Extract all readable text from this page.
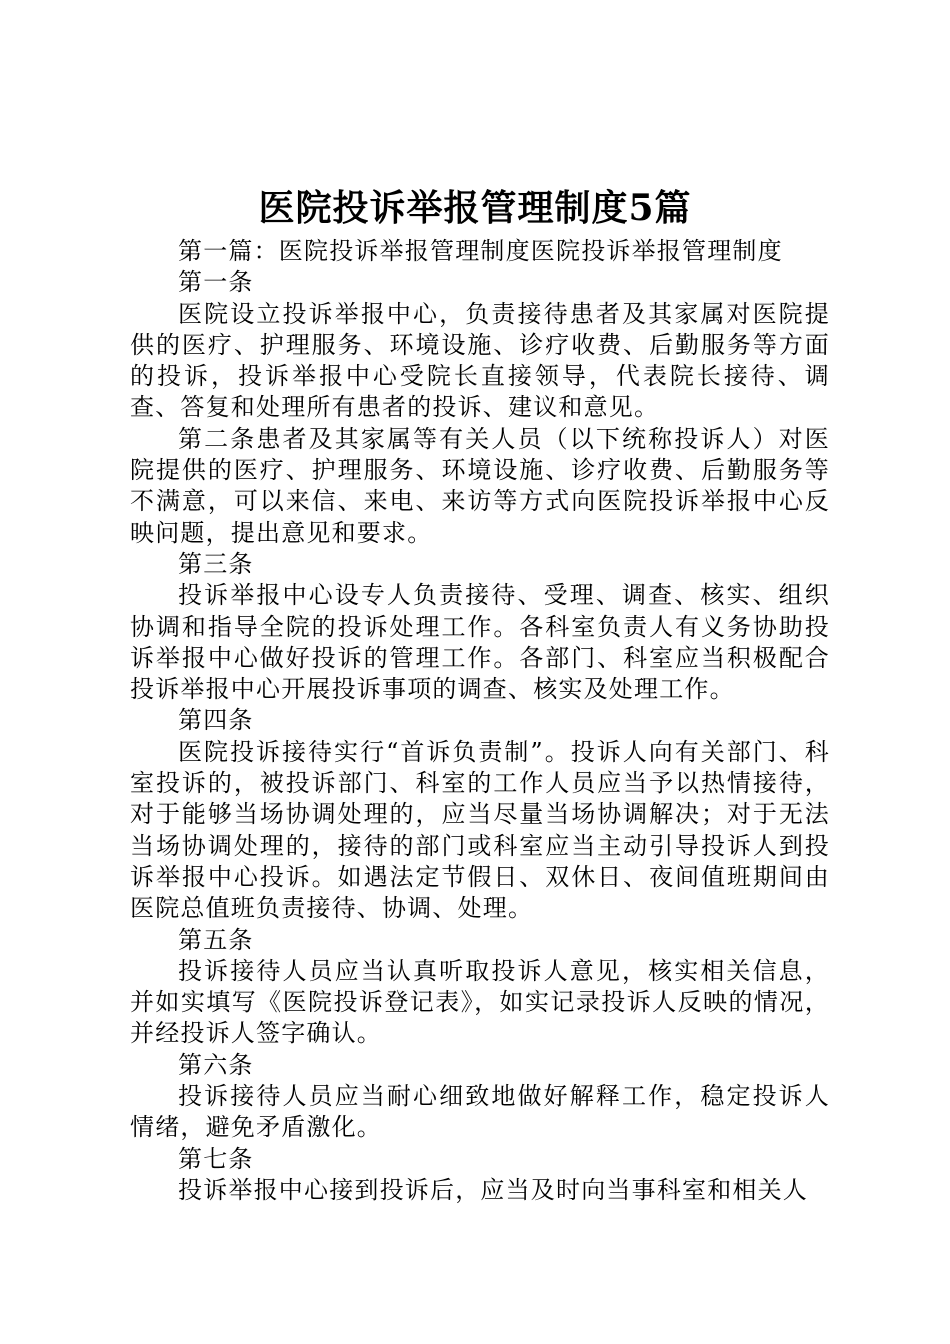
医院投诉举报管理制度5篇

第一篇：医院投诉举报管理制度医院投诉举报管理制度

第一条

医院设立投诉举报中心，负责接待患者及其家属对医院提供的医疗、护理服务、环境设施、诊疗收费、后勤服务等方面的投诉，投诉举报中心受院长直接领导，代表院长接待、调查、答复和处理所有患者的投诉、建议和意见。

第二条患者及其家属等有关人员（以下统称投诉人）对医院提供的医疗、护理服务、环境设施、诊疗收费、后勤服务等不满意，可以来信、来电、来访等方式向医院投诉举报中心反映问题，提出意见和要求。

第三条

投诉举报中心设专人负责接待、受理、调查、核实、组织协调和指导全院的投诉处理工作。各科室负责人有义务协助投诉举报中心做好投诉的管理工作。各部门、科室应当积极配合投诉举报中心开展投诉事项的调查、核实及处理工作。

第四条

医院投诉接待实行“首诉负责制”。投诉人向有关部门、科室投诉的，被投诉部门、科室的工作人员应当予以热情接待，对于能够当场协调处理的，应当尽量当场协调解决；对于无法当场协调处理的，接待的部门或科室应当主动引导投诉人到投诉举报中心投诉。如遇法定节假日、双休日、夜间值班期间由医院总值班负责接待、协调、处理。

第五条

投诉接待人员应当认真听取投诉人意见，核实相关信息，并如实填写《医院投诉登记表》，如实记录投诉人反映的情况，并经投诉人签字确认。

第六条

投诉接待人员应当耐心细致地做好解释工作，稳定投诉人情绪，避免矛盾激化。

第七条

投诉举报中心接到投诉后，应当及时向当事科室和相关人
